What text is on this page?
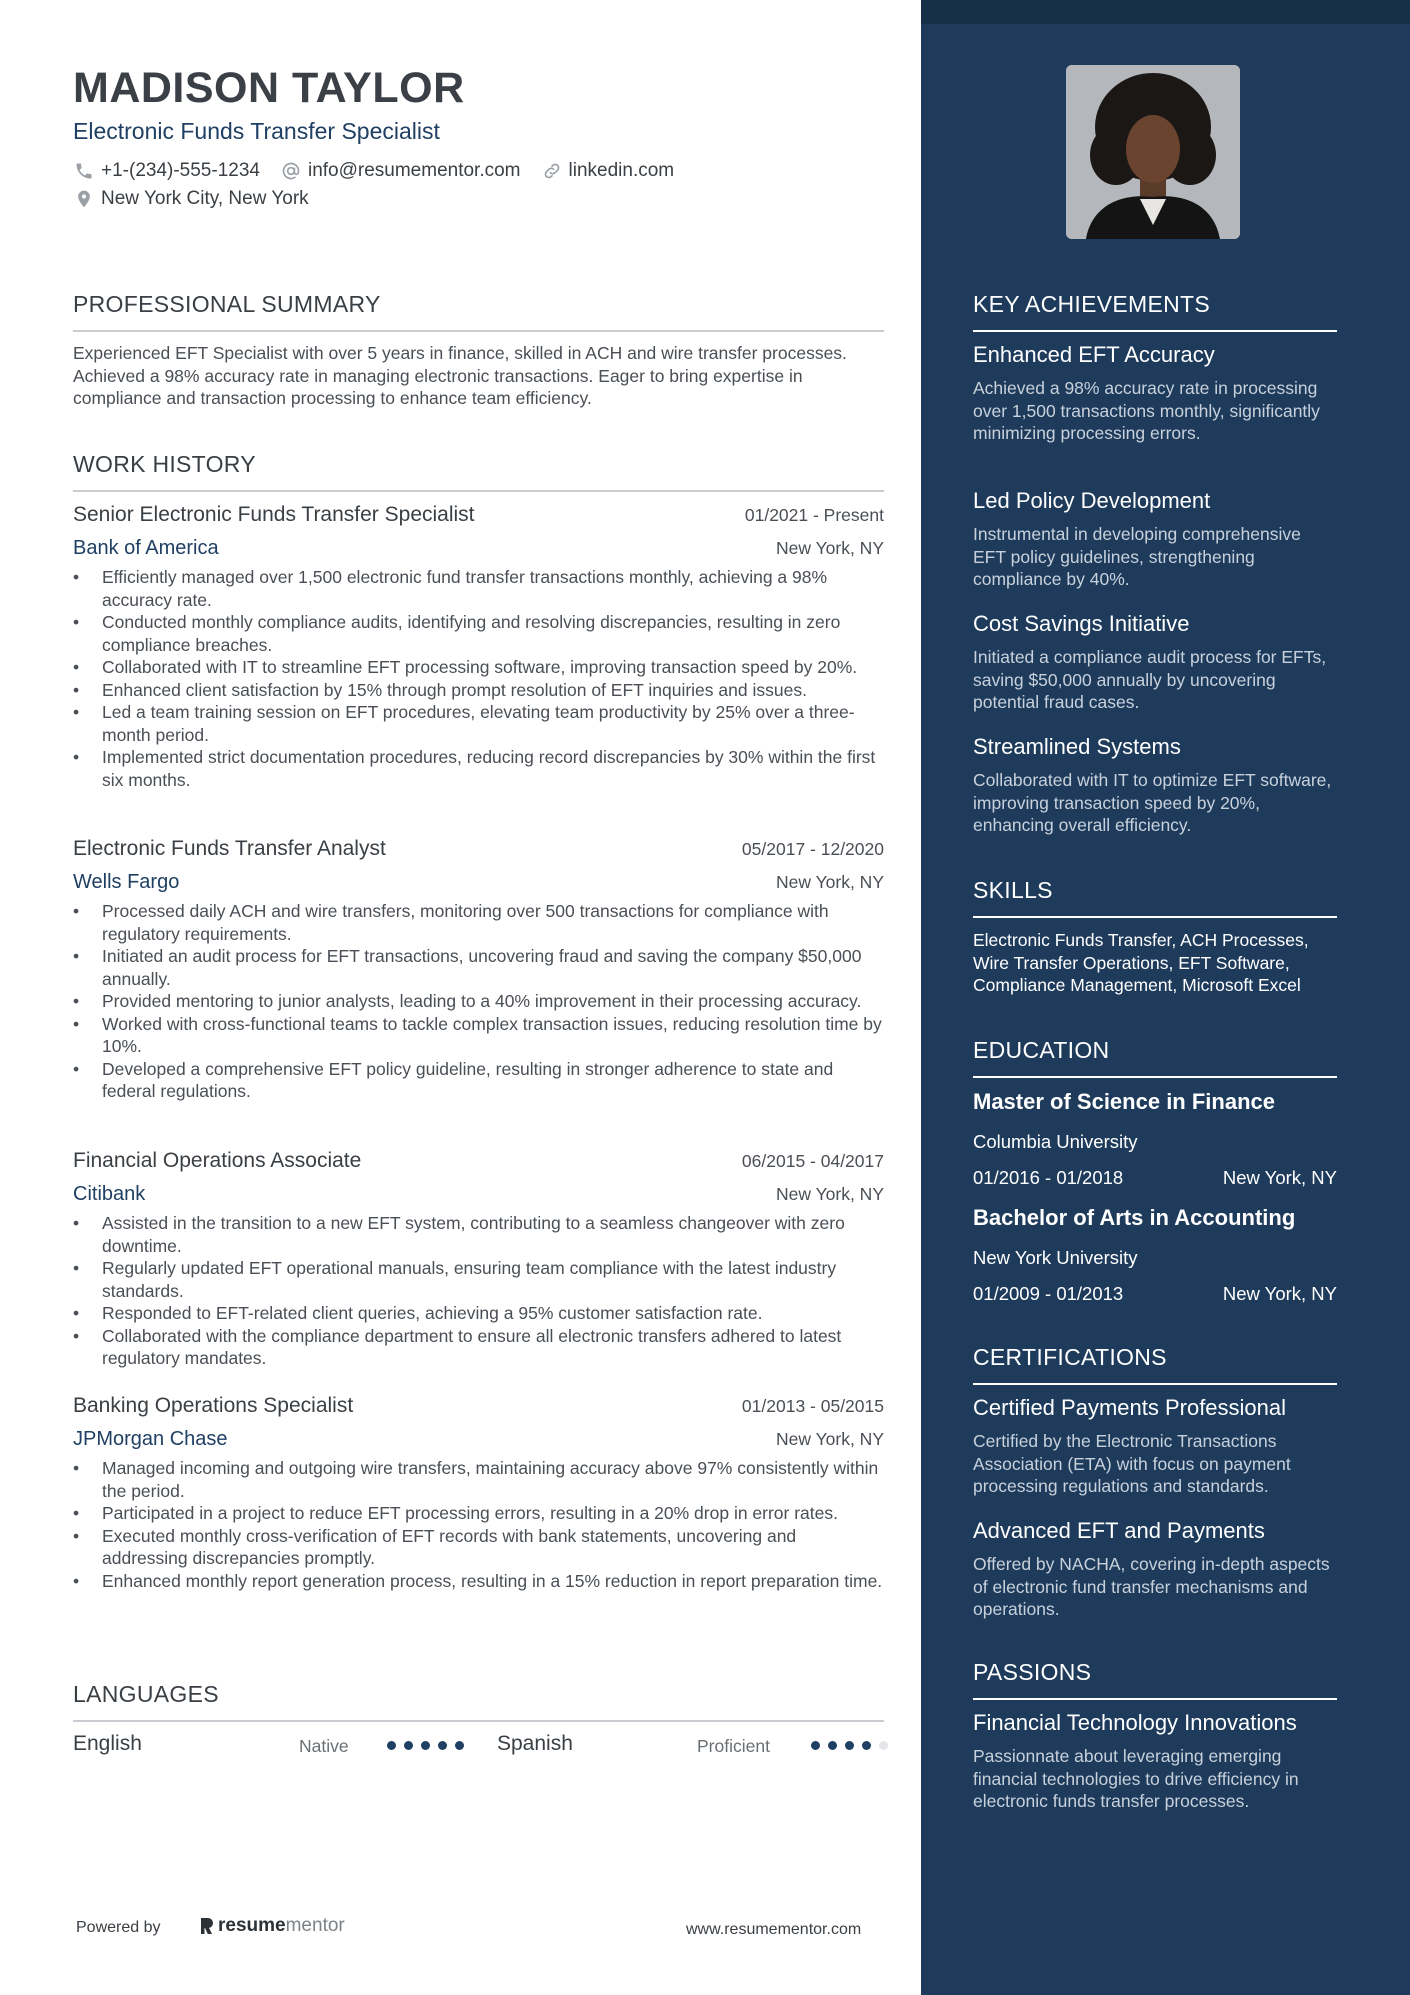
MADISON TAYLOR
Electronic Funds Transfer Specialist
+1-(234)-555-1234	info@resumementor.com	linkedin.com
New York City, New York
PROFESSIONAL SUMMARY
Experienced EFT Specialist with over 5 years in finance, skilled in ACH and wire transfer processes. Achieved a 98% accuracy rate in managing electronic transactions. Eager to bring expertise in compliance and transaction processing to enhance team efficiency.
WORK HISTORY
Senior Electronic Funds Transfer Specialist	01/2021 - Present
Bank of America	New York, NY
• Efficiently managed over 1,500 electronic fund transfer transactions monthly, achieving a 98% accuracy rate.
• Conducted monthly compliance audits, identifying and resolving discrepancies, resulting in zero compliance breaches.
• Collaborated with IT to streamline EFT processing software, improving transaction speed by 20%.
• Enhanced client satisfaction by 15% through prompt resolution of EFT inquiries and issues.
• Led a team training session on EFT procedures, elevating team productivity by 25% over a three-month period.
• Implemented strict documentation procedures, reducing record discrepancies by 30% within the first six months.
Electronic Funds Transfer Analyst	05/2017 - 12/2020
Wells Fargo	New York, NY
• Processed daily ACH and wire transfers, monitoring over 500 transactions for compliance with regulatory requirements.
• Initiated an audit process for EFT transactions, uncovering fraud and saving the company $50,000 annually.
• Provided mentoring to junior analysts, leading to a 40% improvement in their processing accuracy.
• Worked with cross-functional teams to tackle complex transaction issues, reducing resolution time by 10%.
• Developed a comprehensive EFT policy guideline, resulting in stronger adherence to state and federal regulations.
Financial Operations Associate	06/2015 - 04/2017
Citibank	New York, NY
• Assisted in the transition to a new EFT system, contributing to a seamless changeover with zero downtime.
• Regularly updated EFT operational manuals, ensuring team compliance with the latest industry standards.
• Responded to EFT-related client queries, achieving a 95% customer satisfaction rate.
• Collaborated with the compliance department to ensure all electronic transfers adhered to latest regulatory mandates.
Banking Operations Specialist	01/2013 - 05/2015
JPMorgan Chase	New York, NY
• Managed incoming and outgoing wire transfers, maintaining accuracy above 97% consistently within the period.
• Participated in a project to reduce EFT processing errors, resulting in a 20% drop in error rates.
• Executed monthly cross-verification of EFT records with bank statements, uncovering and addressing discrepancies promptly.
• Enhanced monthly report generation process, resulting in a 15% reduction in report preparation time.
LANGUAGES
English	Native	Spanish	Proficient
Powered by	resume mentor	www.resumementor.com
KEY ACHIEVEMENTS
Enhanced EFT Accuracy
Achieved a 98% accuracy rate in processing over 1,500 transactions monthly, significantly minimizing processing errors.
Led Policy Development
Instrumental in developing comprehensive EFT policy guidelines, strengthening compliance by 40%.
Cost Savings Initiative
Initiated a compliance audit process for EFTs, saving $50,000 annually by uncovering potential fraud cases.
Streamlined Systems
Collaborated with IT to optimize EFT software, improving transaction speed by 20%, enhancing overall efficiency.
SKILLS
Electronic Funds Transfer, ACH Processes, Wire Transfer Operations, EFT Software, Compliance Management, Microsoft Excel
EDUCATION
Master of Science in Finance
Columbia University
01/2016 - 01/2018	New York, NY
Bachelor of Arts in Accounting
New York University
01/2009 - 01/2013	New York, NY
CERTIFICATIONS
Certified Payments Professional
Certified by the Electronic Transactions Association (ETA) with focus on payment processing regulations and standards.
Advanced EFT and Payments
Offered by NACHA, covering in-depth aspects of electronic fund transfer mechanisms and operations.
PASSIONS
Financial Technology Innovations
Passionnate about leveraging emerging financial technologies to drive efficiency in electronic funds transfer processes.
